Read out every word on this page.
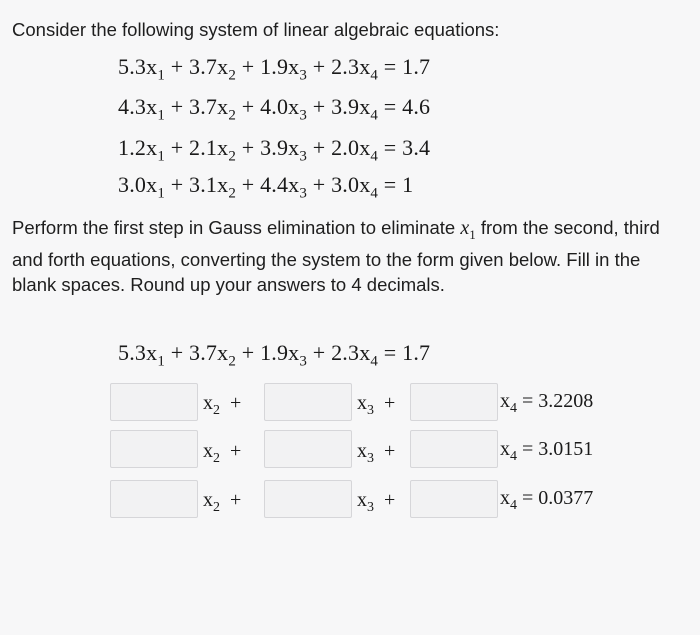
Consider the following system of linear algebraic equations:
$5.3x_1 + 3.7x_2 + 1.9x_3 + 2.3x_4 = 1.7$
$4.3x_1 + 3.7x_2 + 4.0x_3 + 3.9x_4 = 4.6$
$1.2x_1 + 2.1x_2 + 3.9x_3 + 2.0x_4 = 3.4$
$3.0x_1 + 3.1x_2 + 4.4x_3 + 3.0x_4 = 1$
Perform the first step in Gauss elimination to eliminate $x_1$ from the second, third and forth equations, converting the system to the form given below. Fill in the blank spaces. Round up your answers to 4 decimals.
$5.3x_1 + 3.7x_2 + 1.9x_3 + 2.3x_4 = 1.7$
$x_2$  +	$x_3$  +	$x_4 = 3.2208$
$x_2$  +	$x_3$  +	$x_4 = 3.0151$
$x_2$  +	$x_3$  +	$x_4 = 0.0377$
